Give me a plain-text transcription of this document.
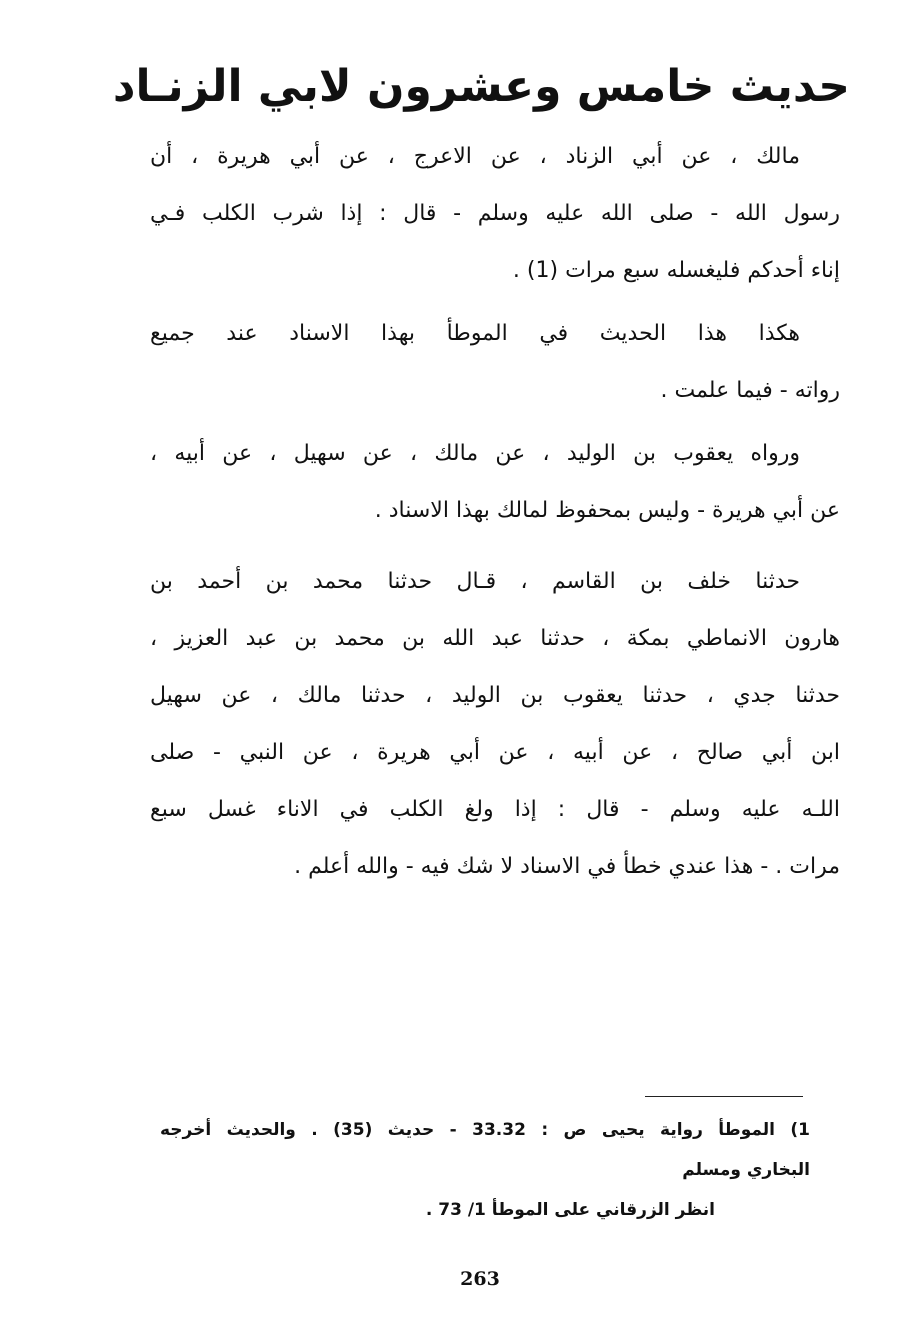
حديث خامس وعشرون لابي الزنـاد

مالك ، عن أبي الزناد ، عن الاعرج ، عن أبي هريرة ، أن
رسول الله - صلى الله عليه وسلم - قال : إذا شرب الكلب فـي
إناء أحدكم فليغسله سبع مرات (1) .

هكذا هذا الحديث في الموطأ بهذا الاسناد عند جميع
رواته - فيما علمت .

ورواه يعقوب بن الوليد ، عن مالك ، عن سهيل ، عن أبيه ،
عن أبي هريرة - وليس بمحفوظ لمالك بهذا الاسناد .

حدثنا خلف بن القاسم ، قـال حدثنا محمد بن أحمد بن
هارون الانماطي بمكة ، حدثنا عبد الله بن محمد بن عبد العزيز ،
حدثنا جدي ، حدثنا يعقوب بن الوليد ، حدثنا مالك ، عن سهيل
ابن أبي صالح ، عن أبيه ، عن أبي هريرة ، عن النبي - صلى
اللـه عليه وسلم - قال : إذا ولغ الكلب في الاناء غسل سبع
مرات . - هذا عندي خطأ في الاسناد لا شك فيه - والله أعلم .

1) الموطأ رواية يحيى ص : 33.32 - حديث (35) . والحديث أخرجه
البخاري ومسلم
انظر الزرقاني على الموطأ 1/ 73 .
263
